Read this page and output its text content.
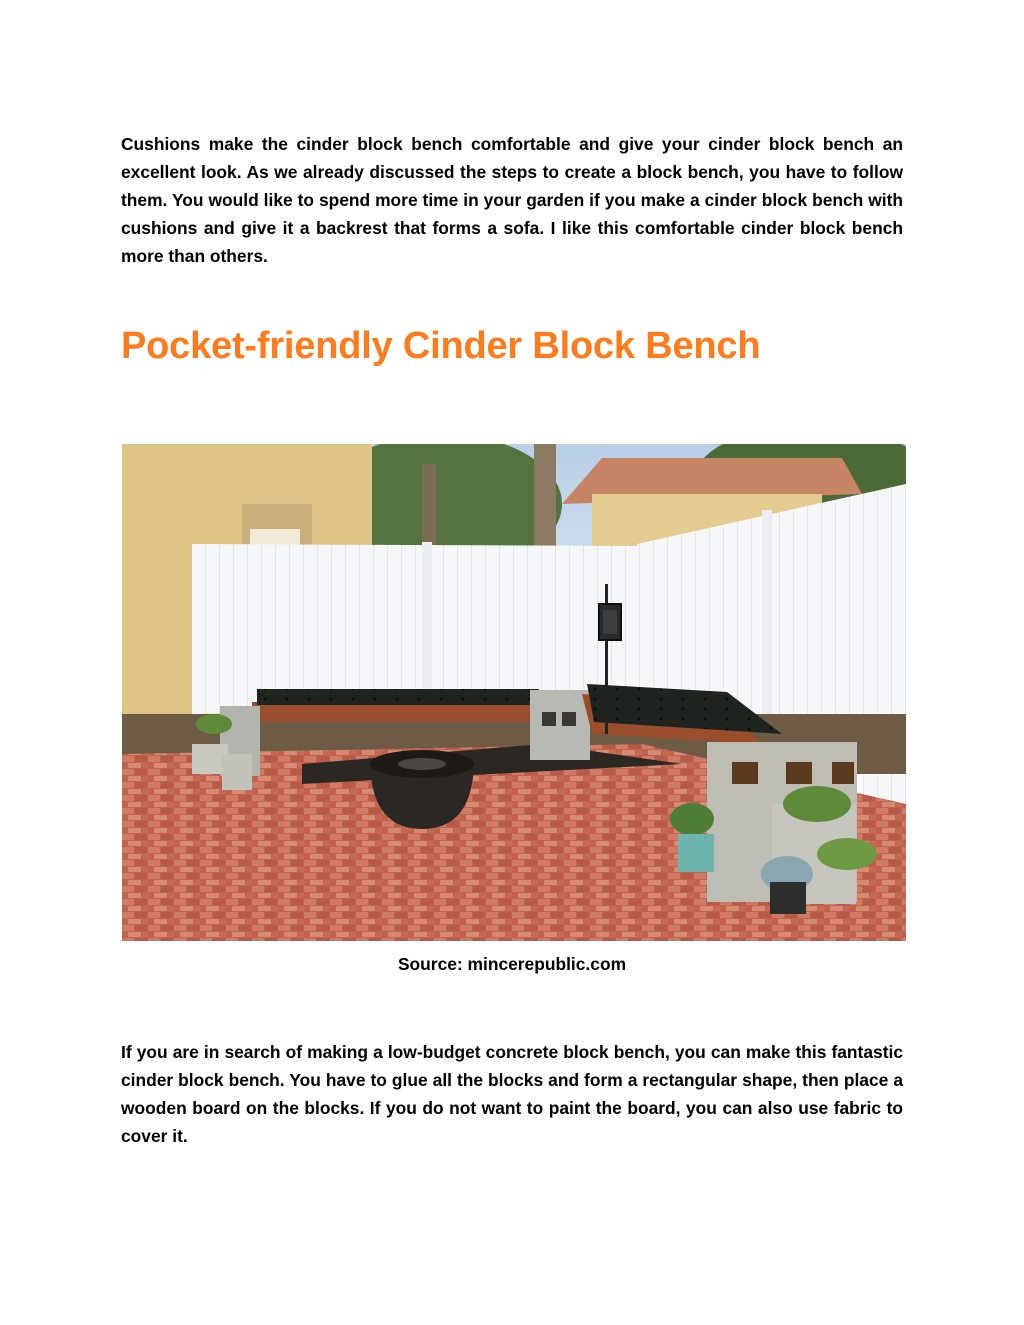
Cushions make the cinder block bench comfortable and give your cinder block bench an excellent look. As we already discussed the steps to create a block bench, you have to follow them. You would like to spend more time in your garden if you make a cinder block bench with cushions and give it a backrest that forms a sofa. I like this comfortable cinder block bench more than others.

Pocket-friendly Cinder Block Bench

Source: mincerepublic.com

If you are in search of making a low-budget concrete block bench, you can make this fantastic cinder block bench. You have to glue all the blocks and form a rectangular shape, then place a wooden board on the blocks. If you do not want to paint the board, you can also use fabric to cover it.
